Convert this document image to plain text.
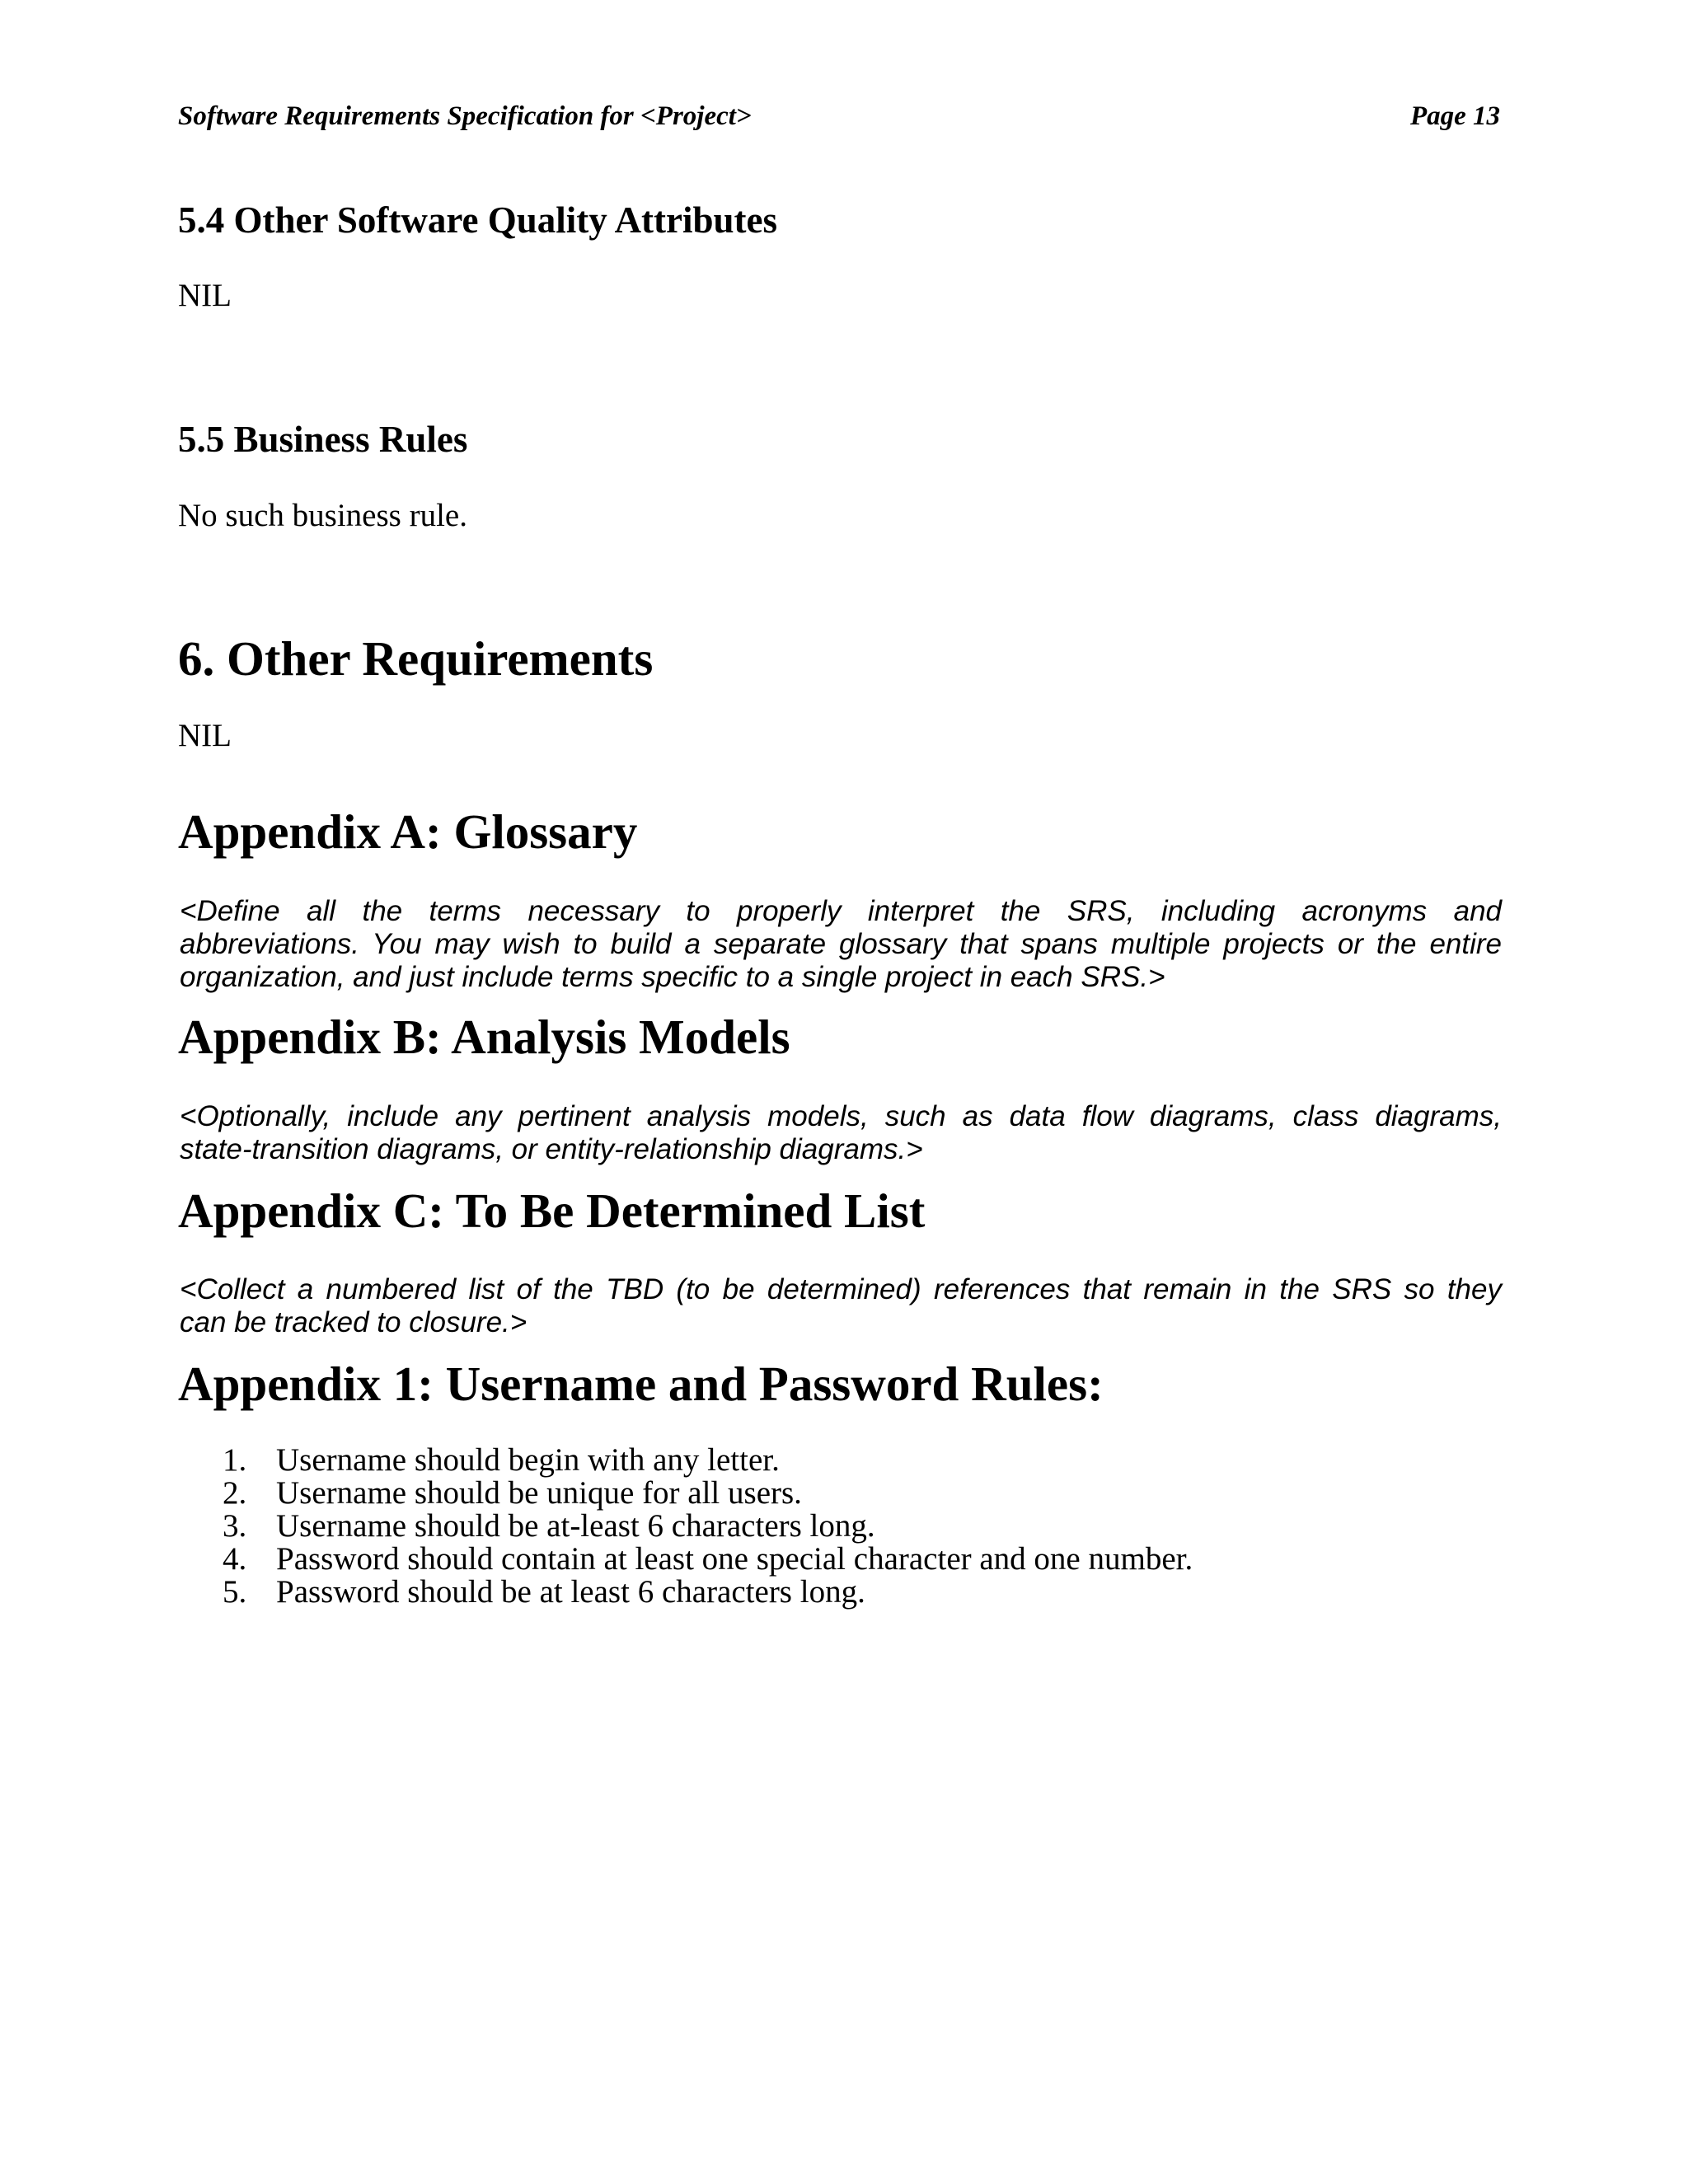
Software Requirements Specification for <Project>	Page 13
5.4 Other Software Quality Attributes

NIL

5.5 Business Rules

No such business rule.

6. Other Requirements

NIL

Appendix A: Glossary
<Define all the terms necessary to properly interpret the SRS, including acronyms and
abbreviations. You may wish to build a separate glossary that spans multiple projects or the entire
organization, and just include terms specific to a single project in each SRS.>
Appendix B: Analysis Models
<Optionally, include any pertinent analysis models, such as data flow diagrams, class diagrams,
state-transition diagrams, or entity-relationship diagrams.>
Appendix C: To Be Determined List
<Collect a numbered list of the TBD (to be determined) references that remain in the SRS so they
can be tracked to closure.>
Appendix 1: Username and Password Rules:
1. Username should begin with any letter.
2. Username should be unique for all users.
3. Username should be at-least 6 characters long.
4. Password should contain at least one special character and one number.
5. Password should be at least 6 characters long.
